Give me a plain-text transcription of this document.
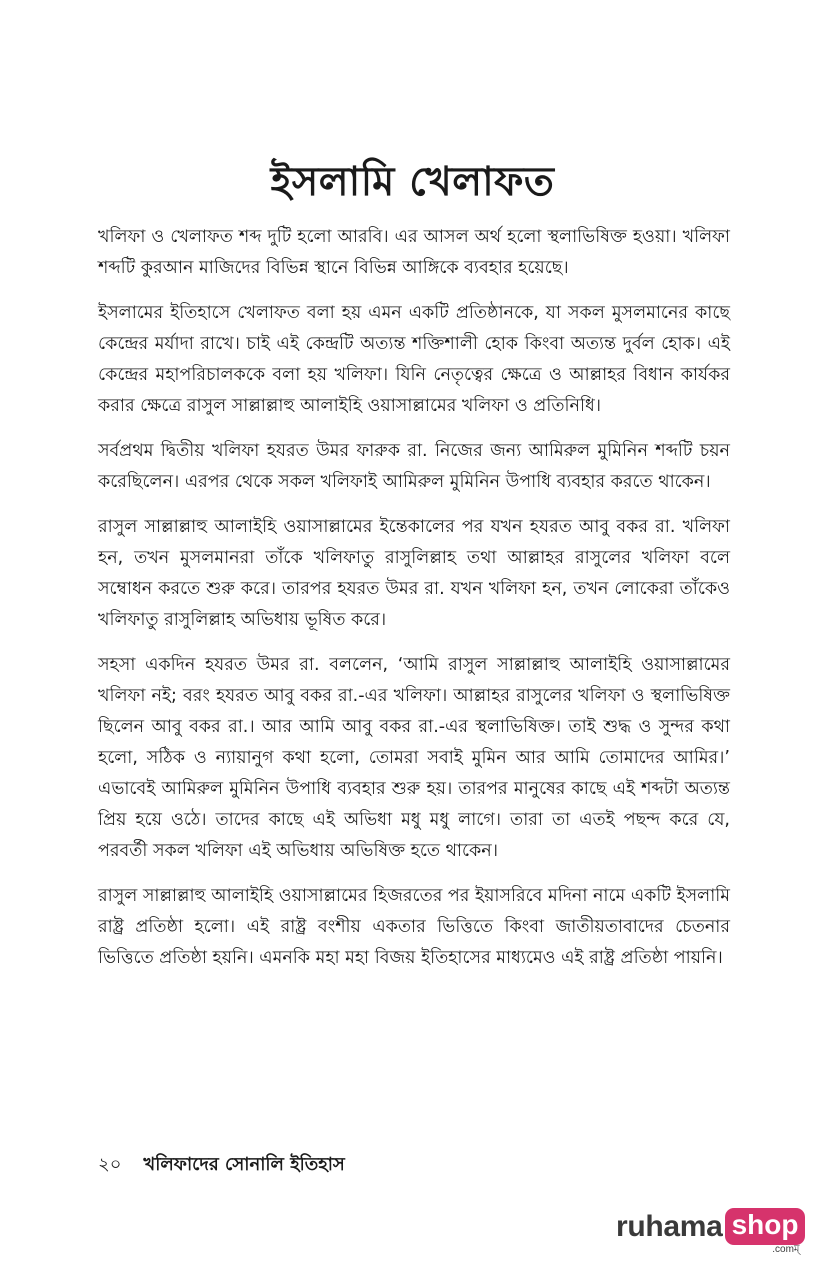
ইসলামি খেলাফত

খলিফা ও খেলাফত শব্দ দুটি হলো আরবি। এর আসল অর্থ হলো স্থলাভিষিক্ত হওয়া। খলিফা শব্দটি কুরআন মাজিদের বিভিন্ন স্থানে বিভিন্ন আঙ্গিকে ব্যবহার হয়েছে।

ইসলামের ইতিহাসে খেলাফত বলা হয় এমন একটি প্রতিষ্ঠানকে, যা সকল মুসলমানের কাছে কেন্দ্রের মর্যাদা রাখে। চাই এই কেন্দ্রটি অত্যন্ত শক্তিশালী হোক কিংবা অত্যন্ত দুর্বল হোক। এই কেন্দ্রের মহাপরিচালককে বলা হয় খলিফা। যিনি নেতৃত্বের ক্ষেত্রে ও আল্লাহর বিধান কার্যকর করার ক্ষেত্রে রাসুল সাল্লাল্লাহু আলাইহি ওয়াসাল্লামের খলিফা ও প্রতিনিধি।

সর্বপ্রথম দ্বিতীয় খলিফা হযরত উমর ফারুক রা. নিজের জন্য আমিরুল মুমিনিন শব্দটি চয়ন করেছিলেন। এরপর থেকে সকল খলিফাই আমিরুল মুমিনিন উপাধি ব্যবহার করতে থাকেন।

রাসুল সাল্লাল্লাহু আলাইহি ওয়াসাল্লামের ইন্তেকালের পর যখন হযরত আবু বকর রা. খলিফা হন, তখন মুসলমানরা তাঁকে খলিফাতু রাসুলিল্লাহ তথা আল্লাহর রাসুলের খলিফা বলে সম্বোধন করতে শুরু করে। তারপর হযরত উমর রা. যখন খলিফা হন, তখন লোকেরা তাঁকেও খলিফাতু রাসুলিল্লাহ অভিধায় ভূষিত করে।

সহসা একদিন হযরত উমর রা. বললেন, ‘আমি রাসুল সাল্লাল্লাহু আলাইহি ওয়াসাল্লামের খলিফা নই; বরং হযরত আবু বকর রা.-এর খলিফা। আল্লাহর রাসুলের খলিফা ও স্থলাভিষিক্ত ছিলেন আবু বকর রা.। আর আমি আবু বকর রা.-এর স্থলাভিষিক্ত। তাই শুদ্ধ ও সুন্দর কথা হলো, সঠিক ও ন্যায়ানুগ কথা হলো, তোমরা সবাই মুমিন আর আমি তোমাদের আমির।’ এভাবেই আমিরুল মুমিনিন উপাধি ব্যবহার শুরু হয়। তারপর মানুষের কাছে এই শব্দটা অত্যন্ত প্রিয় হয়ে ওঠে। তাদের কাছে এই অভিধা মধু মধু লাগে। তারা তা এতই পছন্দ করে যে, পরবর্তী সকল খলিফা এই অভিধায় অভিষিক্ত হতে থাকেন।

রাসুল সাল্লাল্লাহু আলাইহি ওয়াসাল্লামের হিজরতের পর ইয়াসরিবে মদিনা নামে একটি ইসলামি রাষ্ট্র প্রতিষ্ঠা হলো। এই রাষ্ট্র বংশীয় একতার ভিত্তিতে কিংবা জাতীয়তাবাদের চেতনার ভিত্তিতে প্রতিষ্ঠা হয়নি। এমনকি মহা মহা বিজয় ইতিহাসের মাধ্যমেও এই রাষ্ট্র প্রতিষ্ঠা পায়নি।

২০ খলিফাদের সোনালি ইতিহাস
ruhama shop
.comম্
